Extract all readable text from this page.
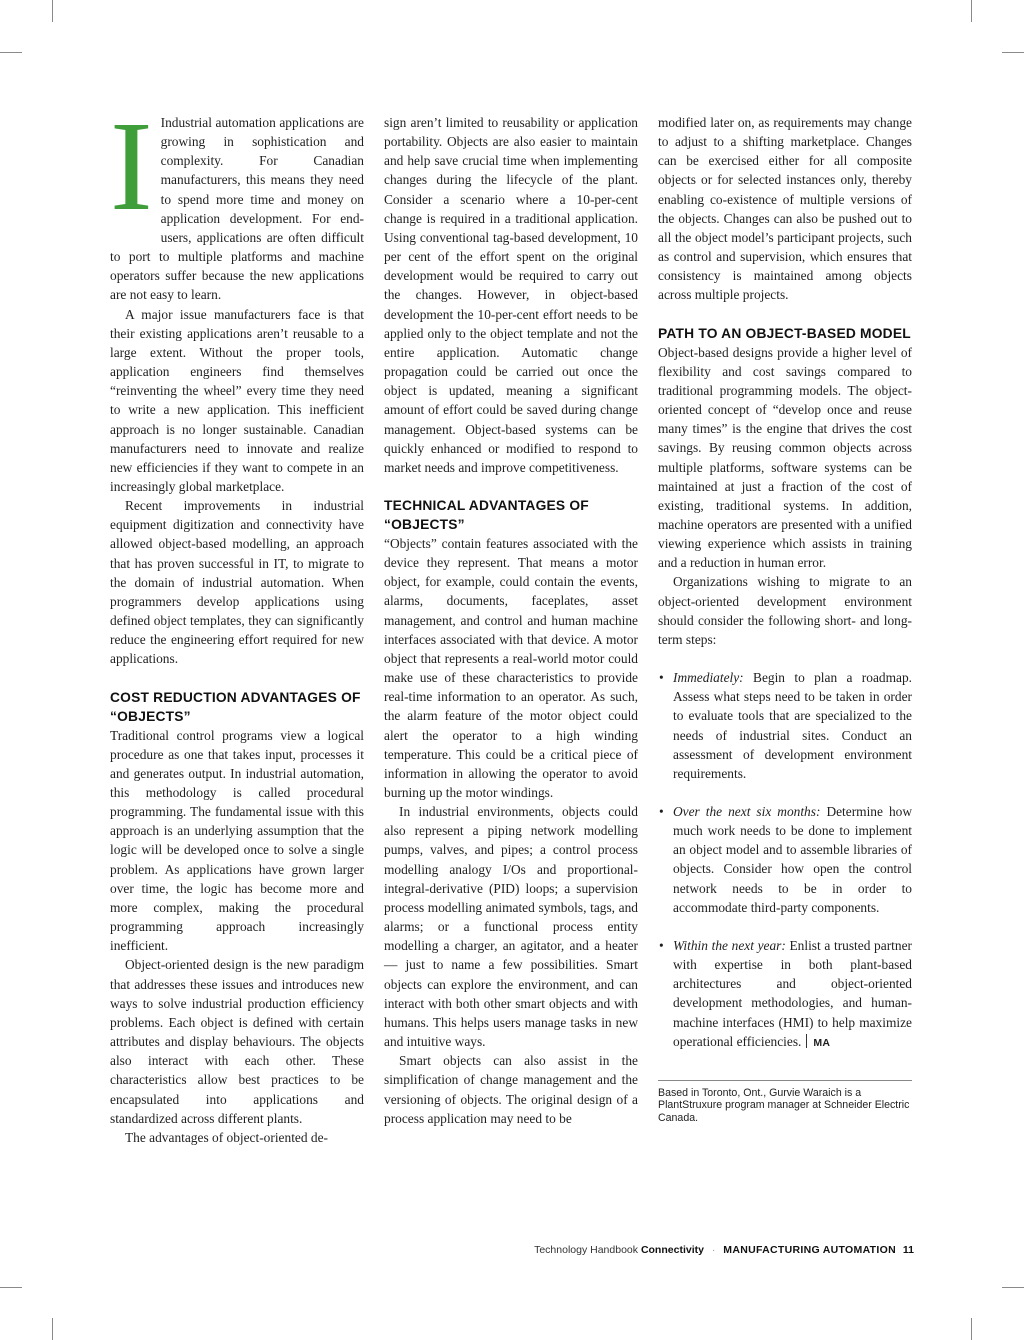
I Industrial automation applications are growing in sophistication and complexity. For Canadian manufacturers, this means they need to spend more time and money on application development. For end-users, applications are often difficult to port to multiple platforms and machine operators suffer because the new applications are not easy to learn.

A major issue manufacturers face is that their existing applications aren’t reusable to a large extent. Without the proper tools, application engineers find themselves “reinventing the wheel” every time they need to write a new application. This inefficient approach is no longer sustainable. Canadian manufacturers need to innovate and realize new efficiencies if they want to compete in an increasingly global marketplace.

Recent improvements in industrial equipment digitization and connectivity have allowed object-based modelling, an approach that has proven successful in IT, to migrate to the domain of industrial automation. When programmers develop applications using defined object templates, they can significantly reduce the engineering effort required for new applications.

COST REDUCTION ADVANTAGES OF “OBJECTS”

Traditional control programs view a logical procedure as one that takes input, processes it and generates output. In industrial automation, this methodology is called procedural programming. The fundamental issue with this approach is an underlying assumption that the logic will be developed once to solve a single problem. As applications have grown larger over time, the logic has become more and more complex, making the procedural programming approach increasingly inefficient.

Object-oriented design is the new paradigm that addresses these issues and introduces new ways to solve industrial production efficiency problems. Each object is defined with certain attributes and display behaviours. The objects also interact with each other. These characteristics allow best practices to be encapsulated into applications and standardized across different plants.

The advantages of object-oriented de-

sign aren’t limited to reusability or application portability. Objects are also easier to maintain and help save crucial time when implementing changes during the lifecycle of the plant. Consider a scenario where a 10-per-cent change is required in a traditional application. Using conventional tag-based development, 10 per cent of the effort spent on the original development would be required to carry out the changes. However, in object-based development the 10-per-cent effort needs to be applied only to the object template and not the entire application. Automatic change propagation could be carried out once the object is updated, meaning a significant amount of effort could be saved during change management. Object-based systems can be quickly enhanced or modified to respond to market needs and improve competitiveness.

TECHNICAL ADVANTAGES OF “OBJECTS”

“Objects” contain features associated with the device they represent. That means a motor object, for example, could contain the events, alarms, documents, faceplates, asset management, and control and human machine interfaces associated with that device. A motor object that represents a real-world motor could make use of these characteristics to provide real-time information to an operator. As such, the alarm feature of the motor object could alert the operator to a high winding temperature. This could be a critical piece of information in allowing the operator to avoid burning up the motor windings.

In industrial environments, objects could also represent a piping network modelling pumps, valves, and pipes; a control process modelling analogy I/Os and proportional-integral-derivative (PID) loops; a supervision process modelling animated symbols, tags, and alarms; or a functional process entity modelling a charger, an agitator, and a heater — just to name a few possibilities. Smart objects can explore the environment, and can interact with both other smart objects and with humans. This helps users manage tasks in new and intuitive ways.

Smart objects can also assist in the simplification of change management and the versioning of objects. The original design of a process application may need to be

modified later on, as requirements may change to adjust to a shifting marketplace. Changes can be exercised either for all composite objects or for selected instances only, thereby enabling co-existence of multiple versions of the objects. Changes can also be pushed out to all the object model’s participant projects, such as control and supervision, which ensures that consistency is maintained among objects across multiple projects.

PATH TO AN OBJECT-BASED MODEL

Object-based designs provide a higher level of flexibility and cost savings compared to traditional programming models. The object-oriented concept of “develop once and reuse many times” is the engine that drives the cost savings. By reusing common objects across multiple platforms, software systems can be maintained at just a fraction of the cost of existing, traditional systems. In addition, machine operators are presented with a unified viewing experience which assists in training and a reduction in human error.

Organizations wishing to migrate to an object-oriented development environment should consider the following short- and long-term steps:

• Immediately: Begin to plan a roadmap. Assess what steps need to be taken in order to evaluate tools that are specialized to the needs of industrial sites. Conduct an assessment of development environment requirements.
• Over the next six months: Determine how much work needs to be done to implement an object model and to assemble libraries of objects. Consider how open the control network needs to be in order to accommodate third-party components.
• Within the next year: Enlist a trusted partner with expertise in both plant-based architectures and object-oriented development methodologies, and human-machine interfaces (HMI) to help maximize operational efficiencies. MA
Based in Toronto, Ont., Gurvie Waraich is a PlantStruxure program manager at Schneider Electric Canada.
Technology Handbook Connectivity · MANUFACTURING AUTOMATION 11
